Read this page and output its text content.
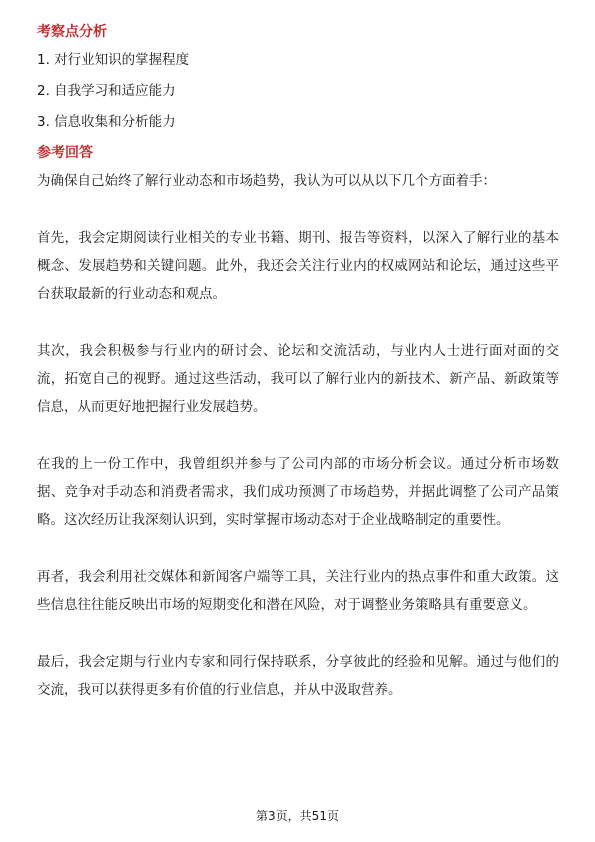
考察点分析
1. 对行业知识的掌握程度
2. 自我学习和适应能力
3. 信息收集和分析能力
参考回答

为确保自己始终了解行业动态和市场趋势，我认为可以从以下几个方面着手：

首先，我会定期阅读行业相关的专业书籍、期刊、报告等资料，以深入了解行业的基本概念、发展趋势和关键问题。此外，我还会关注行业内的权威网站和论坛，通过这些平台获取最新的行业动态和观点。

其次，我会积极参与行业内的研讨会、论坛和交流活动，与业内人士进行面对面的交流，拓宽自己的视野。通过这些活动，我可以了解行业内的新技术、新产品、新政策等信息，从而更好地把握行业发展趋势。

在我的上一份工作中，我曾组织并参与了公司内部的市场分析会议。通过分析市场数据、竞争对手动态和消费者需求，我们成功预测了市场趋势，并据此调整了公司产品策略。这次经历让我深刻认识到，实时掌握市场动态对于企业战略制定的重要性。

再者，我会利用社交媒体和新闻客户端等工具，关注行业内的热点事件和重大政策。这些信息往往能反映出市场的短期变化和潜在风险，对于调整业务策略具有重要意义。

最后，我会定期与行业内专家和同行保持联系，分享彼此的经验和见解。通过与他们的交流，我可以获得更多有价值的行业信息，并从中汲取营养。

第3页，共51页
